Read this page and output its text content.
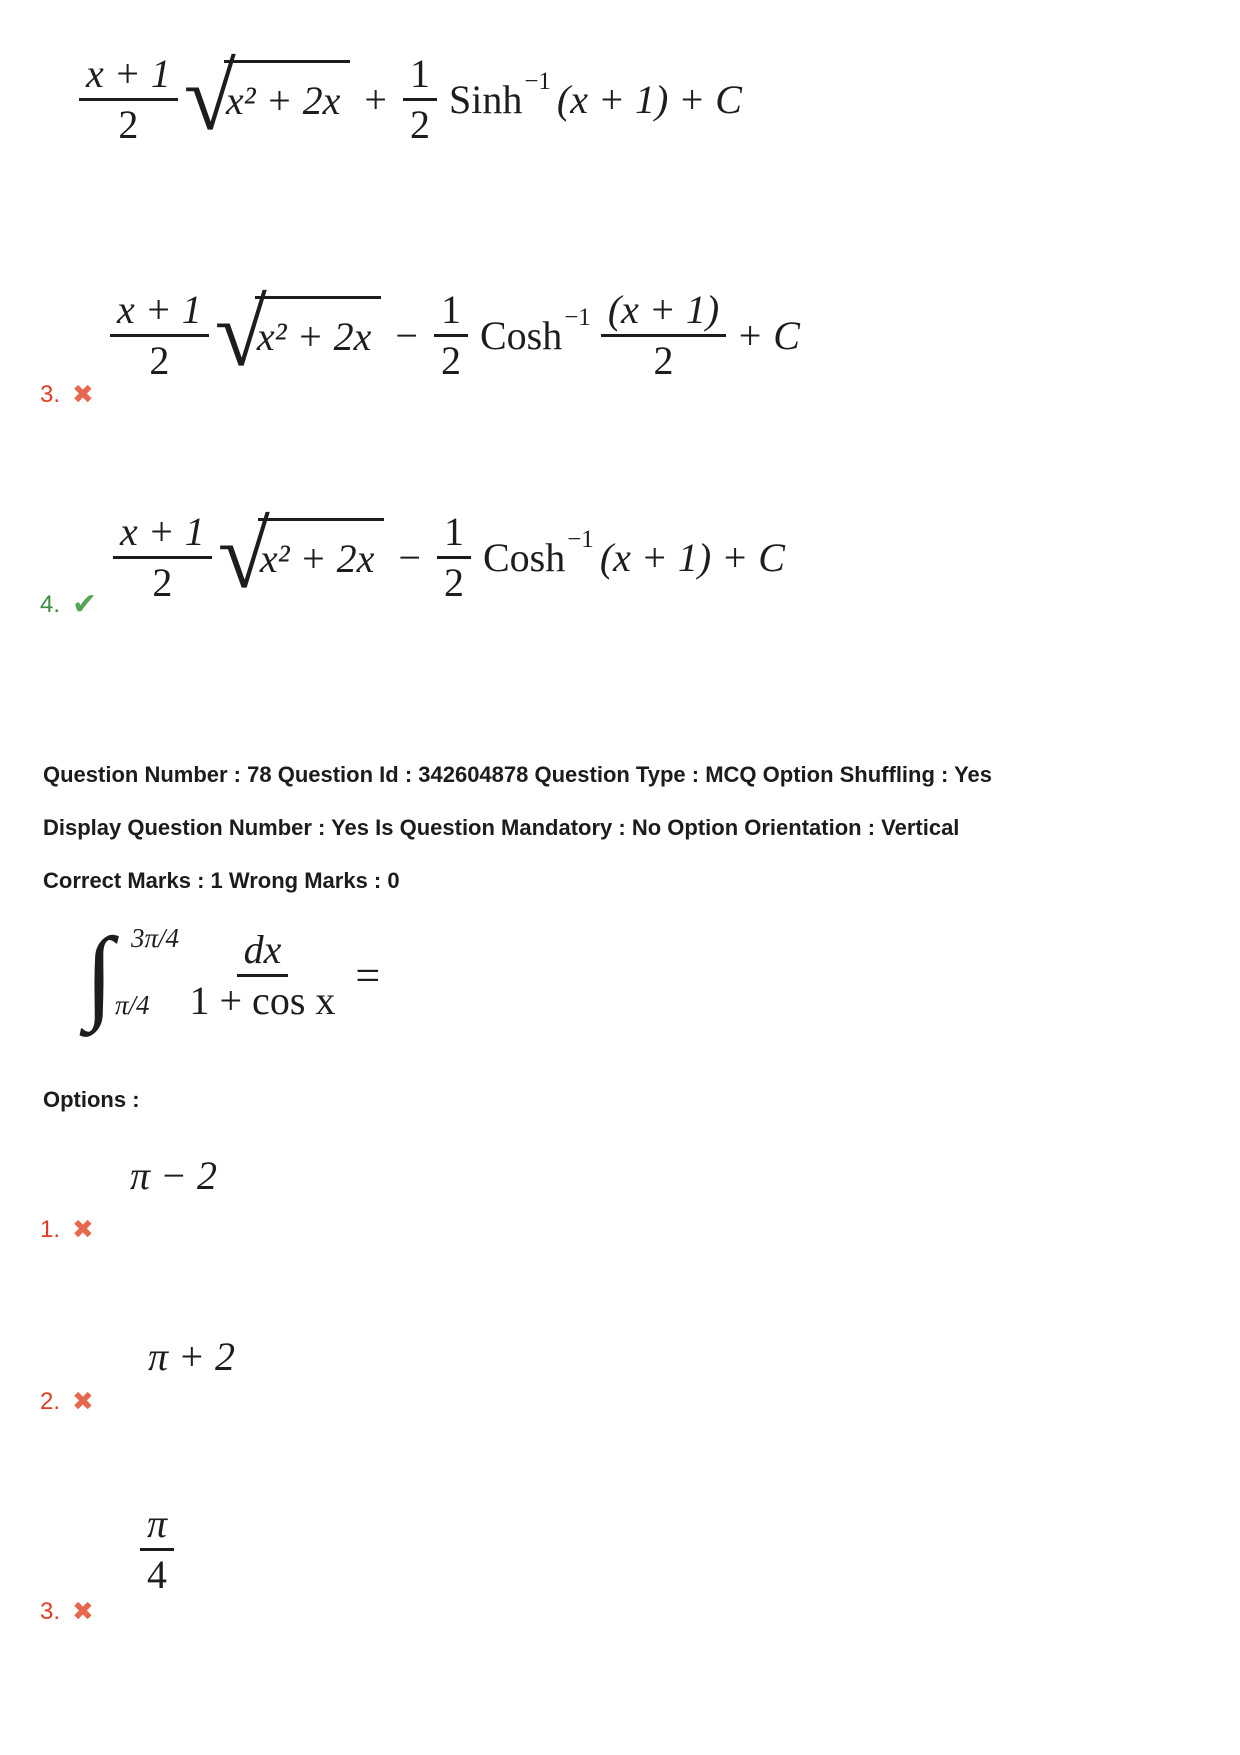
$\frac{x + 1}{2}$ √
$x^2 + 2x + \frac{1}{2}$ Sinh −1 (x + 1) + C
$\frac{x + 1}{2}$ √
$x^2 + 2x - \frac{1}{2}$ Cosh $-1 \frac{(x + 1)}{2} + C$
3. ✖
$\frac{x + 1}{2}$ √
$x^2 + 2x - \frac{1}{2}$ Cosh −1 (x + 1) + C
4. ✔
Question Number : 78 Question Id : 342604878 Question Type : MCQ Option Shuffling : Yes
Display Question Number : Yes Is Question Mandatory : No Option Orientation : Vertical
Correct Marks : 1 Wrong Marks : 0
∫ 3π/4
$\pi/4 \frac{dx}{\text{1 + cos x}}$ =
Options :
π − 2
1. ✖
π + 2
2. ✖
$\frac{\pi}{4}$
3. ✖
